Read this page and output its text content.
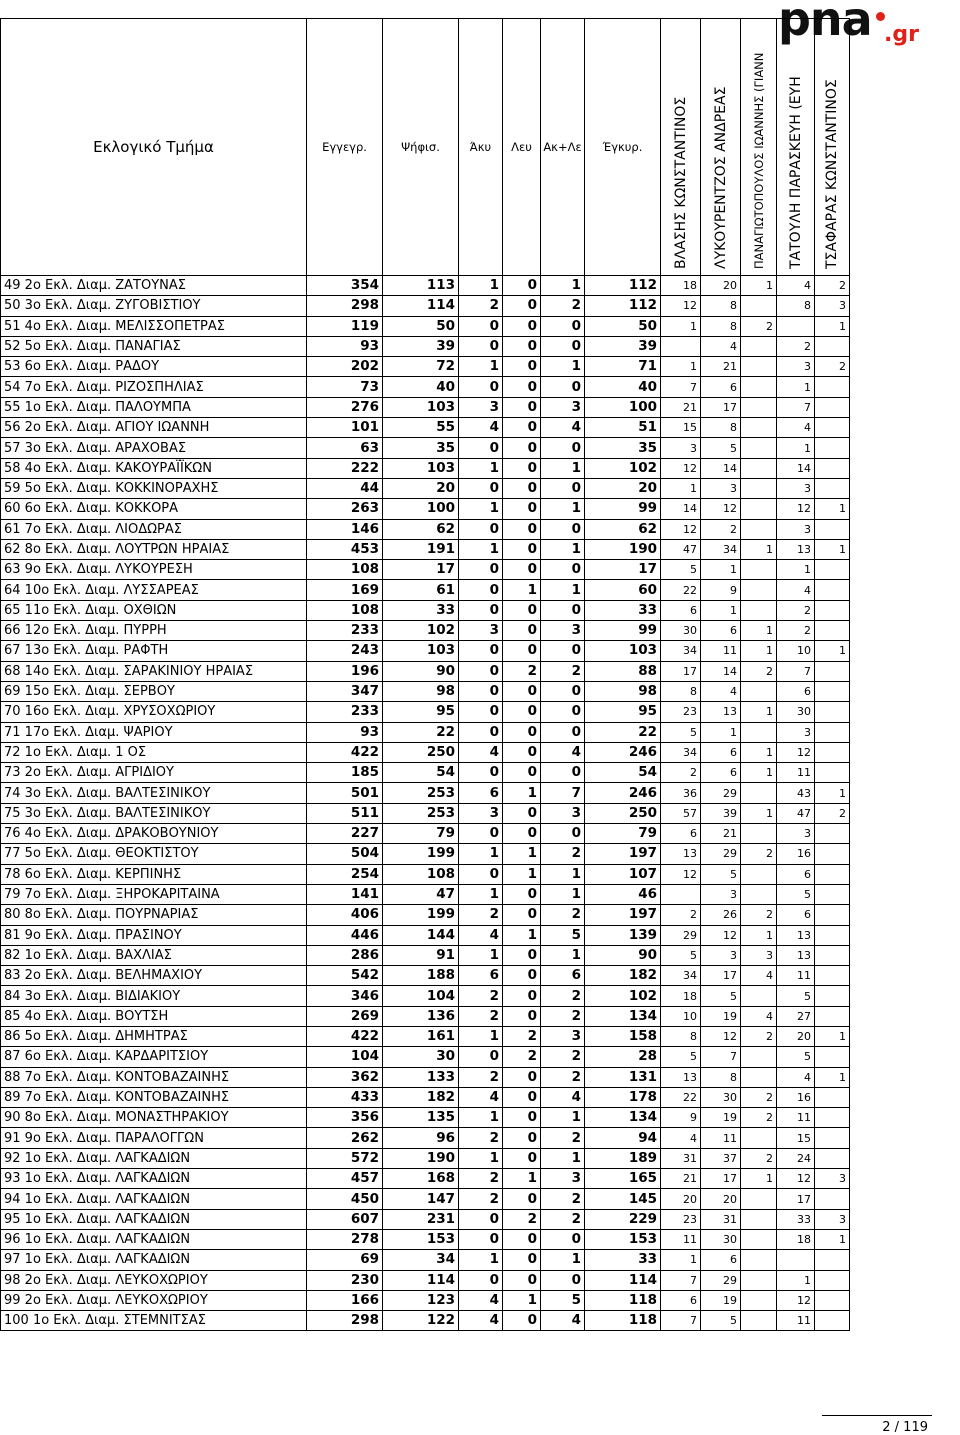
pna .gr
Εκλογικό Τμήμα	Εγγεγρ.	Ψήφισ.	Άκυ	Λευ	Ακ+Λε	Έγκυρ.	ΒΛΑΣΗΣ ΚΩΝΣΤΑΝΤΙΝΟΣ	ΛΥΚΟΥΡΕΝΤΖΟΣ ΑΝΔΡΕΑΣ	ΠΑΝΑΓΙΩΤΟΠΟΥΛΟΣ ΙΩΑΝΝΗΣ (ΓΙΑΝΝ	ΤΑΤΟΥΛΗ ΠΑΡΑΣΚΕΥΗ (ΕΥΗ	ΤΣΑΦΑΡΑΣ ΚΩΝΣΤΑΝΤΙΝΟΣ
49 2ο Εκλ. Διαμ. ΖΑΤΟΥΝΑΣ	354	113	1	0	1	112	18	20	1	4	2
50 3ο Εκλ. Διαμ. ΖΥΓΟΒΙΣΤΙΟΥ	298	114	2	0	2	112	12	8		8	3
51 4ο Εκλ. Διαμ. ΜΕΛΙΣΣΟΠΕΤΡΑΣ	119	50	0	0	0	50	1	8	2		1
52 5ο Εκλ. Διαμ. ΠΑΝΑΓΙΑΣ	93	39	0	0	0	39		4		2	
53 6ο Εκλ. Διαμ. ΡΑΔΟΥ	202	72	1	0	1	71	1	21		3	2
54 7ο Εκλ. Διαμ. ΡΙΖΟΣΠΗΛΙΑΣ	73	40	0	0	0	40	7	6		1	
55 1ο Εκλ. Διαμ. ΠΑΛΟΥΜΠΑ	276	103	3	0	3	100	21	17		7	
56 2ο Εκλ. Διαμ. ΑΓΙΟΥ ΙΩΑΝΝΗ	101	55	4	0	4	51	15	8		4	
57 3ο Εκλ. Διαμ. ΑΡΑΧΟΒΑΣ	63	35	0	0	0	35	3	5		1	
58 4ο Εκλ. Διαμ. ΚΑΚΟΥΡΑΪΪΚΩΝ	222	103	1	0	1	102	12	14		14	
59 5ο Εκλ. Διαμ. ΚΟΚΚΙΝΟΡΑΧΗΣ	44	20	0	0	0	20	1	3		3	
60 6ο Εκλ. Διαμ. ΚΟΚΚΟΡΑ	263	100	1	0	1	99	14	12		12	1
61 7ο Εκλ. Διαμ. ΛΙΟΔΩΡΑΣ	146	62	0	0	0	62	12	2		3	
62 8ο Εκλ. Διαμ. ΛΟΥΤΡΩΝ ΗΡΑΙΑΣ	453	191	1	0	1	190	47	34	1	13	1
63 9ο Εκλ. Διαμ. ΛΥΚΟΥΡΕΣΗ	108	17	0	0	0	17	5	1		1	
64 10ο Εκλ. Διαμ. ΛΥΣΣΑΡΕΑΣ	169	61	0	1	1	60	22	9		4	
65 11ο Εκλ. Διαμ. ΟΧΘΙΩΝ	108	33	0	0	0	33	6	1		2	
66 12ο Εκλ. Διαμ. ΠΥΡΡΗ	233	102	3	0	3	99	30	6	1	2	
67 13ο Εκλ. Διαμ. ΡΑΦΤΗ	243	103	0	0	0	103	34	11	1	10	1
68 14ο Εκλ. Διαμ. ΣΑΡΑΚΙΝΙΟΥ ΗΡΑΙΑΣ	196	90	0	2	2	88	17	14	2	7	
69 15ο Εκλ. Διαμ. ΣΕΡΒΟΥ	347	98	0	0	0	98	8	4		6	
70 16ο Εκλ. Διαμ. ΧΡΥΣΟΧΩΡΙΟΥ	233	95	0	0	0	95	23	13	1	30	
71 17ο Εκλ. Διαμ. ΨΑΡΙΟΥ	93	22	0	0	0	22	5	1		3	
72 1ο Εκλ. Διαμ. 1 ΟΣ	422	250	4	0	4	246	34	6	1	12	
73 2ο Εκλ. Διαμ. ΑΓΡΙΔΙΟΥ	185	54	0	0	0	54	2	6	1	11	
74 3ο Εκλ. Διαμ. ΒΑΛΤΕΣΙΝΙΚΟΥ	501	253	6	1	7	246	36	29		43	1
75 3ο Εκλ. Διαμ. ΒΑΛΤΕΣΙΝΙΚΟΥ	511	253	3	0	3	250	57	39	1	47	2
76 4ο Εκλ. Διαμ. ΔΡΑΚΟΒΟΥΝΙΟΥ	227	79	0	0	0	79	6	21		3	
77 5ο Εκλ. Διαμ. ΘΕΟΚΤΙΣΤΟΥ	504	199	1	1	2	197	13	29	2	16	
78 6ο Εκλ. Διαμ. ΚΕΡΠΙΝΗΣ	254	108	0	1	1	107	12	5		6	
79 7ο Εκλ. Διαμ. ΞΗΡΟΚΑΡΙΤΑΙΝΑ	141	47	1	0	1	46		3		5	
80 8ο Εκλ. Διαμ. ΠΟΥΡΝΑΡΙΑΣ	406	199	2	0	2	197	2	26	2	6	
81 9ο Εκλ. Διαμ. ΠΡΑΣΙΝΟΥ	446	144	4	1	5	139	29	12	1	13	
82 1ο Εκλ. Διαμ. ΒΑΧΛΙΑΣ	286	91	1	0	1	90	5	3	3	13	
83 2ο Εκλ. Διαμ. ΒΕΛΗΜΑΧΙΟΥ	542	188	6	0	6	182	34	17	4	11	
84 3ο Εκλ. Διαμ. ΒΙΔΙΑΚΙΟΥ	346	104	2	0	2	102	18	5		5	
85 4ο Εκλ. Διαμ. ΒΟΥΤΣΗ	269	136	2	0	2	134	10	19	4	27	
86 5ο Εκλ. Διαμ. ΔΗΜΗΤΡΑΣ	422	161	1	2	3	158	8	12	2	20	1
87 6ο Εκλ. Διαμ. ΚΑΡΔΑΡΙΤΣΙΟΥ	104	30	0	2	2	28	5	7		5	
88 7ο Εκλ. Διαμ. ΚΟΝΤΟΒΑΖΑΙΝΗΣ	362	133	2	0	2	131	13	8		4	1
89 7ο Εκλ. Διαμ. ΚΟΝΤΟΒΑΖΑΙΝΗΣ	433	182	4	0	4	178	22	30	2	16	
90 8ο Εκλ. Διαμ. ΜΟΝΑΣΤΗΡΑΚΙΟΥ	356	135	1	0	1	134	9	19	2	11	
91 9ο Εκλ. Διαμ. ΠΑΡΑΛΟΓΓΩΝ	262	96	2	0	2	94	4	11		15	
92 1ο Εκλ. Διαμ. ΛΑΓΚΑΔΙΩΝ	572	190	1	0	1	189	31	37	2	24	
93 1ο Εκλ. Διαμ. ΛΑΓΚΑΔΙΩΝ	457	168	2	1	3	165	21	17	1	12	3
94 1ο Εκλ. Διαμ. ΛΑΓΚΑΔΙΩΝ	450	147	2	0	2	145	20	20		17	
95 1ο Εκλ. Διαμ. ΛΑΓΚΑΔΙΩΝ	607	231	0	2	2	229	23	31		33	3
96 1ο Εκλ. Διαμ. ΛΑΓΚΑΔΙΩΝ	278	153	0	0	0	153	11	30		18	1
97 1ο Εκλ. Διαμ. ΛΑΓΚΑΔΙΩΝ	69	34	1	0	1	33	1	6			
98 2ο Εκλ. Διαμ. ΛΕΥΚΟΧΩΡΙΟΥ	230	114	0	0	0	114	7	29		1	
99 2ο Εκλ. Διαμ. ΛΕΥΚΟΧΩΡΙΟΥ	166	123	4	1	5	118	6	19		12	
100 1ο Εκλ. Διαμ. ΣΤΕΜΝΙΤΣΑΣ	298	122	4	0	4	118	7	5		11	
2 / 119
